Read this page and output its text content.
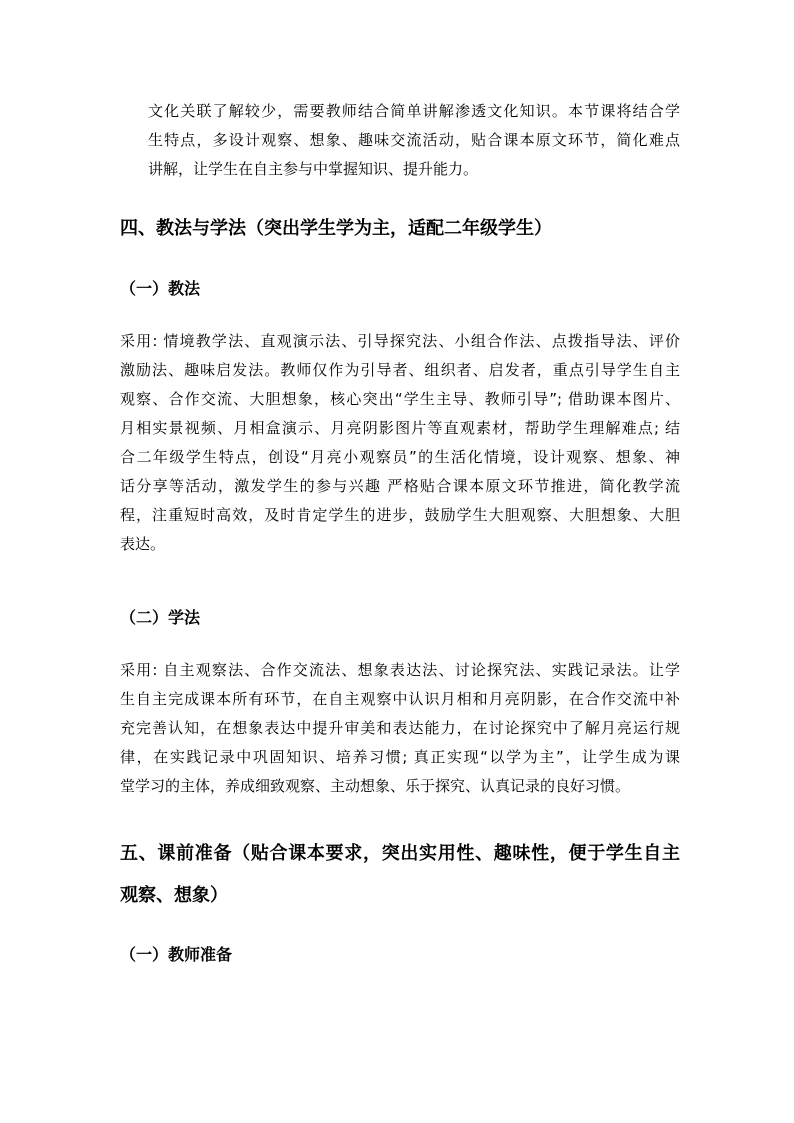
文化关联了解较少，需要教师结合简单讲解渗透文化知识。本节课将结合学
生特点，多设计观察、想象、趣味交流活动，贴合课本原文环节，简化难点
讲解，让学生在自主参与中掌握知识、提升能力。
四、教法与学法（突出学生学为主，适配二年级学生）
（一）教法
采用: 情境教学法、直观演示法、引导探究法、小组合作法、点拨指导法、评价
激励法、趣味启发法。教师仅作为引导者、组织者、启发者，重点引导学生自主
观察、合作交流、大胆想象，核心突出“学生主导、教师引导”; 借助课本图片、
月相实景视频、月相盒演示、月亮阴影图片等直观素材，帮助学生理解难点; 结
合二年级学生特点，创设“月亮小观察员”的生活化情境，设计观察、想象、神
话分享等活动，激发学生的参与兴趣 严格贴合课本原文环节推进，简化教学流
程，注重短时高效，及时肯定学生的进步，鼓励学生大胆观察、大胆想象、大胆
表达。
（二）学法
采用: 自主观察法、合作交流法、想象表达法、讨论探究法、实践记录法。让学
生自主完成课本所有环节，在自主观察中认识月相和月亮阴影，在合作交流中补
充完善认知，在想象表达中提升审美和表达能力，在讨论探究中了解月亮运行规
律，在实践记录中巩固知识、培养习惯; 真正实现“以学为主”，让学生成为课
堂学习的主体，养成细致观察、主动想象、乐于探究、认真记录的良好习惯。
五、课前准备（贴合课本要求，突出实用性、趣味性，便于学生自主
观察、想象）
（一）教师准备
